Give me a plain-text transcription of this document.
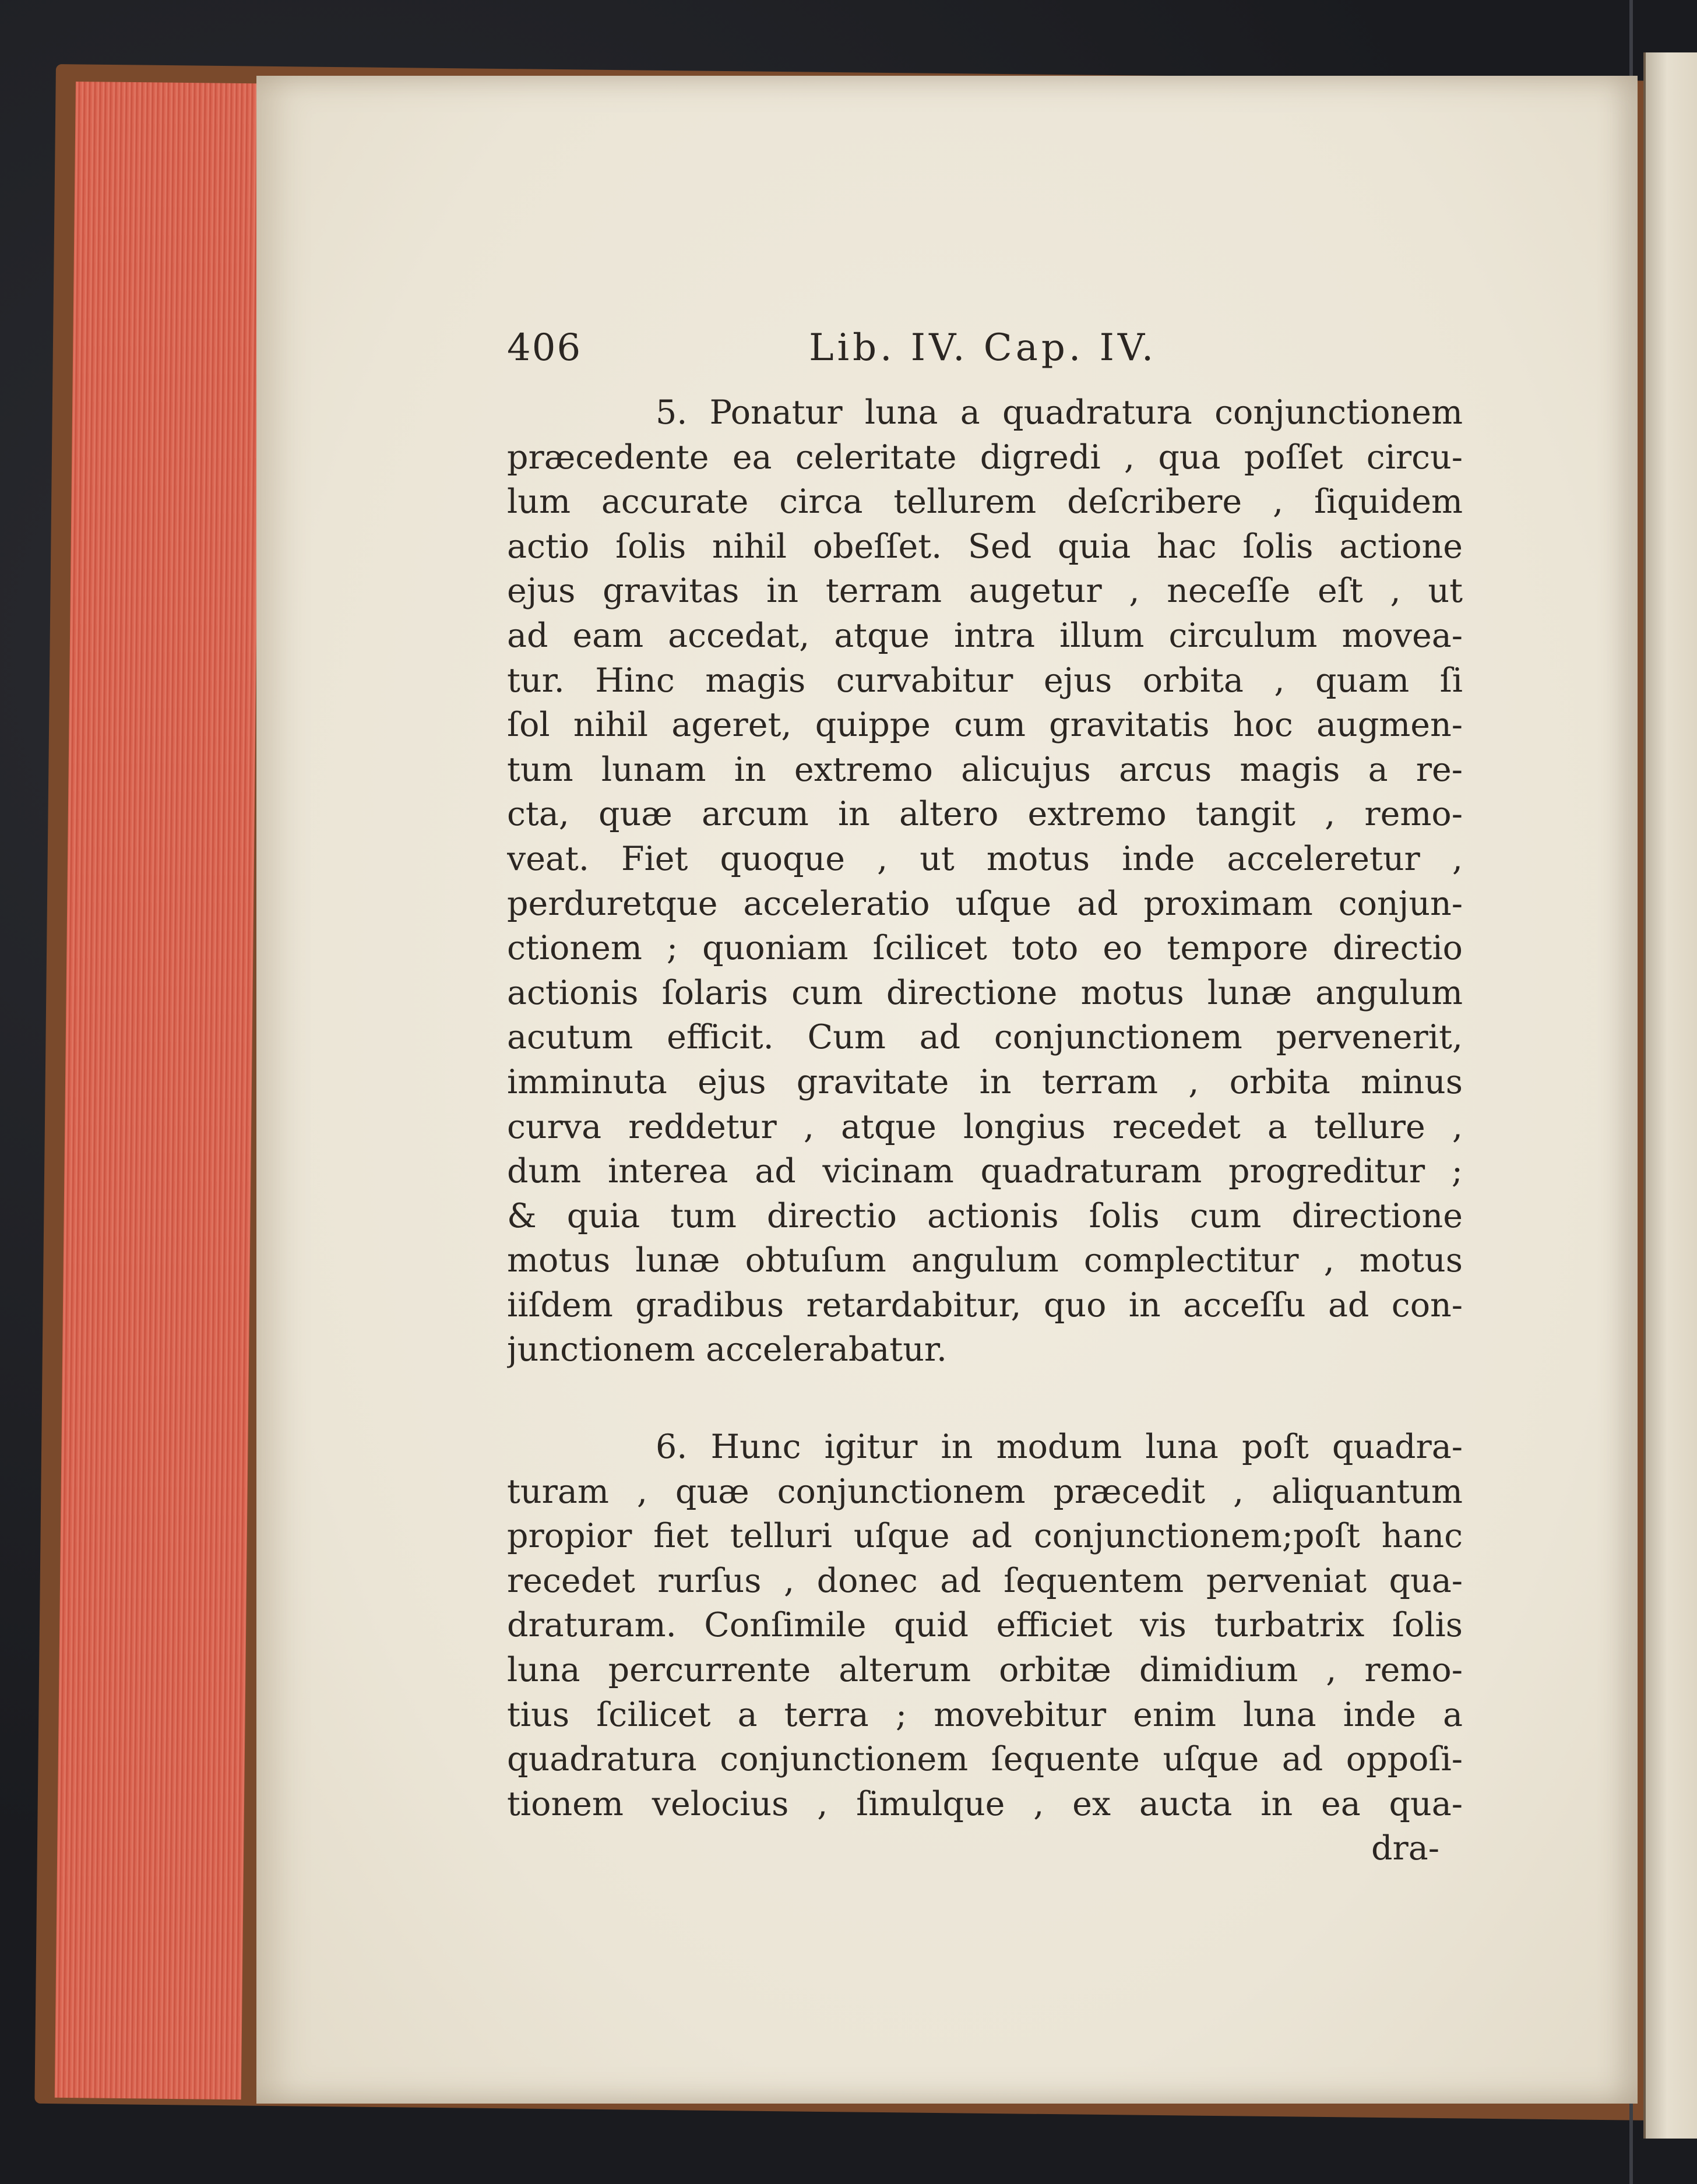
406	Lib. IV. Cap. IV.
5. Ponatur luna a quadratura conjunctionem
præcedente ea celeritate digredi , qua poſſet circu-
lum accurate circa tellurem deſcribere , ſiquidem
actio ſolis nihil obeſſet. Sed quia hac ſolis actione
ejus gravitas in terram augetur , neceſſe eſt , ut
ad eam accedat, atque intra illum circulum movea-
tur. Hinc magis curvabitur ejus orbita , quam ſi
ſol nihil ageret, quippe cum gravitatis hoc augmen-
tum lunam in extremo alicujus arcus magis a re-
cta, quæ arcum in altero extremo tangit , remo-
veat. Fiet quoque , ut motus inde acceleretur ,
perduretque acceleratio uſque ad proximam conjun-
ctionem ; quoniam ſcilicet toto eo tempore directio
actionis ſolaris cum directione motus lunæ angulum
acutum efficit. Cum ad conjunctionem pervenerit,
imminuta ejus gravitate in terram , orbita minus
curva reddetur , atque longius recedet a tellure ,
dum interea ad vicinam quadraturam progreditur ;
& quia tum directio actionis ſolis cum directione
motus lunæ obtuſum angulum complectitur , motus
iiſdem gradibus retardabitur, quo in acceſſu ad con-
junctionem accelerabatur.
6. Hunc igitur in modum luna poſt quadra-
turam , quæ conjunctionem præcedit , aliquantum
propior fiet telluri uſque ad conjunctionem;poſt hanc
recedet rurſus , donec ad ſequentem perveniat qua-
draturam. Conſimile quid efficiet vis turbatrix ſolis
luna percurrente alterum orbitæ dimidium , remo-
tius ſcilicet a terra ; movebitur enim luna inde a
quadratura conjunctionem ſequente uſque ad oppoſi-
tionem velocius , ſimulque , ex aucta in ea qua-
dra-
